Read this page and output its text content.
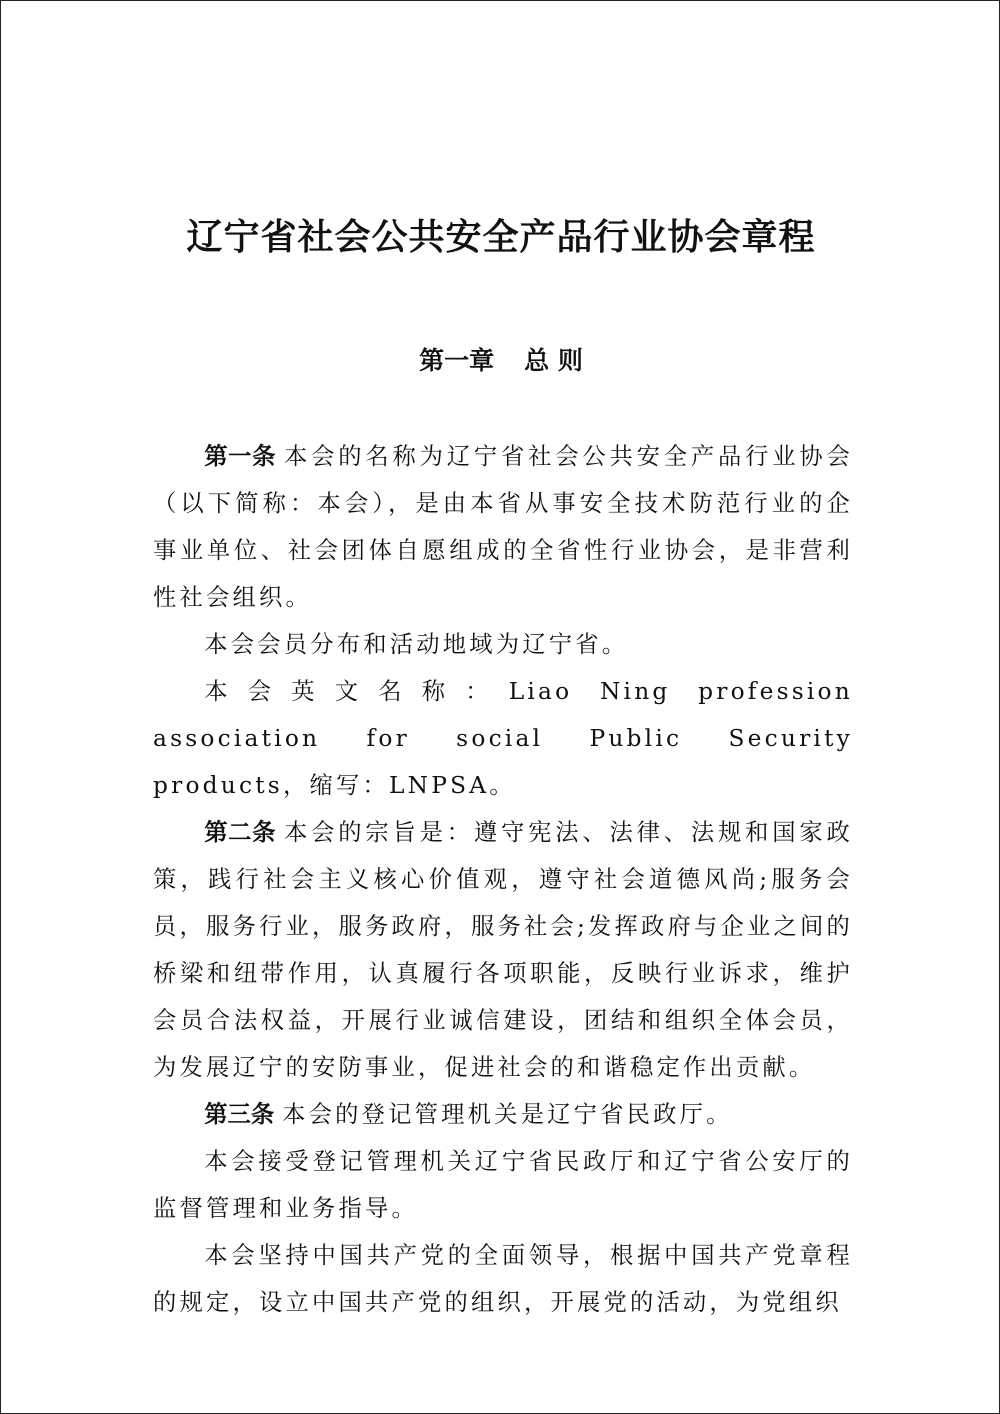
辽宁省社会公共安全产品行业协会章程
第一章 总 则

第一条 本会的名称为辽宁省社会公共安全产品行业协会（以下简称：本会），是由本省从事安全技术防范行业的企事业单位、社会团体自愿组成的全省性行业协会，是非营利性社会组织。

本会会员分布和活动地域为辽宁省。

本会英文名称：Liao Ning profession association for social Public Security products，缩写：LNPSA。

第二条 本会的宗旨是：遵守宪法、法律、法规和国家政策，践行社会主义核心价值观，遵守社会道德风尚;服务会员，服务行业，服务政府，服务社会;发挥政府与企业之间的桥梁和纽带作用，认真履行各项职能，反映行业诉求，维护会员合法权益，开展行业诚信建设，团结和组织全体会员，为发展辽宁的安防事业，促进社会的和谐稳定作出贡献。

第三条 本会的登记管理机关是辽宁省民政厅。

本会接受登记管理机关辽宁省民政厅和辽宁省公安厅的监督管理和业务指导。

本会坚持中国共产党的全面领导，根据中国共产党章程的规定，设立中国共产党的组织，开展党的活动，为党组织
